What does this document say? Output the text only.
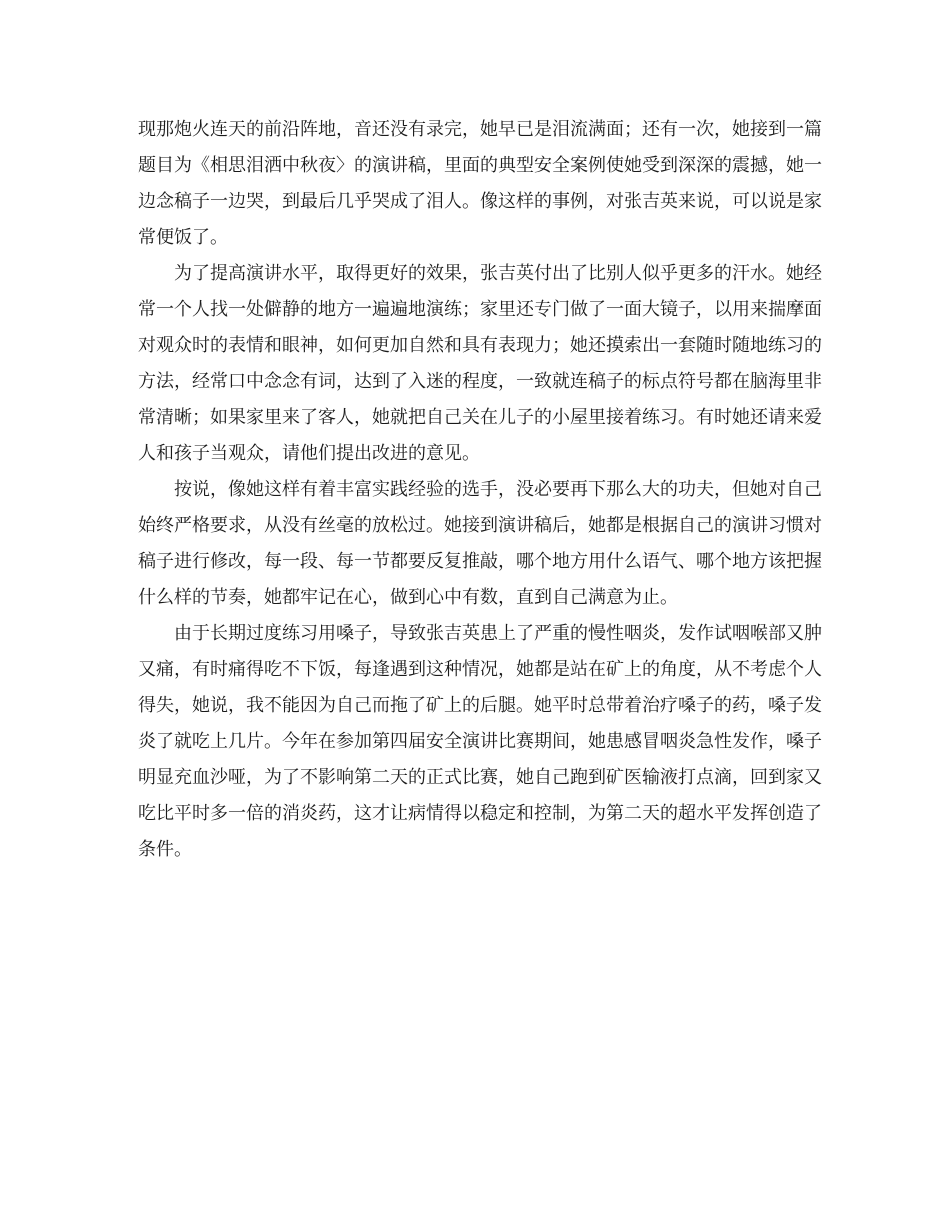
现那炮火连天的前沿阵地，音还没有录完，她早已是泪流满面；还有一次，她接到一篇题目为《相思泪洒中秋夜〉的演讲稿，里面的典型安全案例使她受到深深的震撼，她一边念稿子一边哭，到最后几乎哭成了泪人。像这样的事例，对张吉英来说，可以说是家常便饭了。

为了提高演讲水平，取得更好的效果，张吉英付出了比别人似乎更多的汗水。她经常一个人找一处僻静的地方一遍遍地演练；家里还专门做了一面大镜子，以用来揣摩面对观众时的表情和眼神，如何更加自然和具有表现力；她还摸索出一套随时随地练习的方法，经常口中念念有词，达到了入迷的程度，一致就连稿子的标点符号都在脑海里非常清晰；如果家里来了客人，她就把自己关在儿子的小屋里接着练习。有时她还请来爱人和孩子当观众，请他们提出改进的意见。

按说，像她这样有着丰富实践经验的选手，没必要再下那么大的功夫，但她对自己始终严格要求，从没有丝毫的放松过。她接到演讲稿后，她都是根据自己的演讲习惯对稿子进行修改，每一段、每一节都要反复推敲，哪个地方用什么语气、哪个地方该把握什么样的节奏，她都牢记在心，做到心中有数，直到自己满意为止。

由于长期过度练习用嗓子，导致张吉英患上了严重的慢性咽炎，发作试咽喉部又肿又痛，有时痛得吃不下饭，每逢遇到这种情况，她都是站在矿上的角度，从不考虑个人得失，她说，我不能因为自己而拖了矿上的后腿。她平时总带着治疗嗓子的药，嗓子发炎了就吃上几片。今年在参加第四届安全演讲比赛期间，她患感冒咽炎急性发作，嗓子明显充血沙哑，为了不影响第二天的正式比赛，她自己跑到矿医输液打点滴，回到家又吃比平时多一倍的消炎药，这才让病情得以稳定和控制，为第二天的超水平发挥创造了条件。
